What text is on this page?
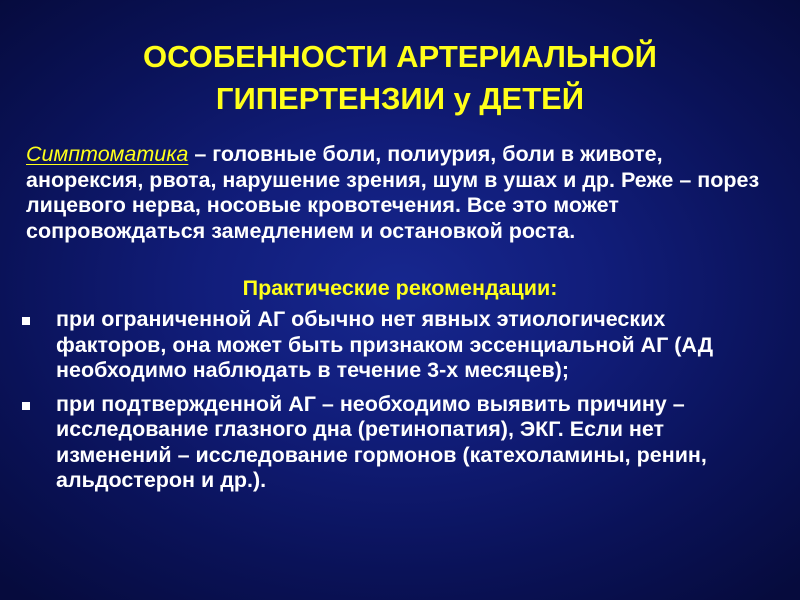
ОСОБЕННОСТИ АРТЕРИАЛЬНОЙ ГИПЕРТЕНЗИИ у ДЕТЕЙ

Симптоматика – головные боли, полиурия, боли в животе, анорексия, рвота, нарушение зрения, шум в ушах и др. Реже – порез лицевого нерва, носовые кровотечения. Все это может сопровождаться замедлением и остановкой роста.

Практические рекомендации:

при ограниченной АГ обычно нет явных этиологических факторов, она может быть признаком эссенциальной АГ (АД необходимо наблюдать в течение 3-х месяцев);
при подтвержденной АГ – необходимо выявить причину – исследование глазного дна (ретинопатия), ЭКГ. Если нет изменений – исследование гормонов (катехоламины, ренин, альдостерон и др.).
